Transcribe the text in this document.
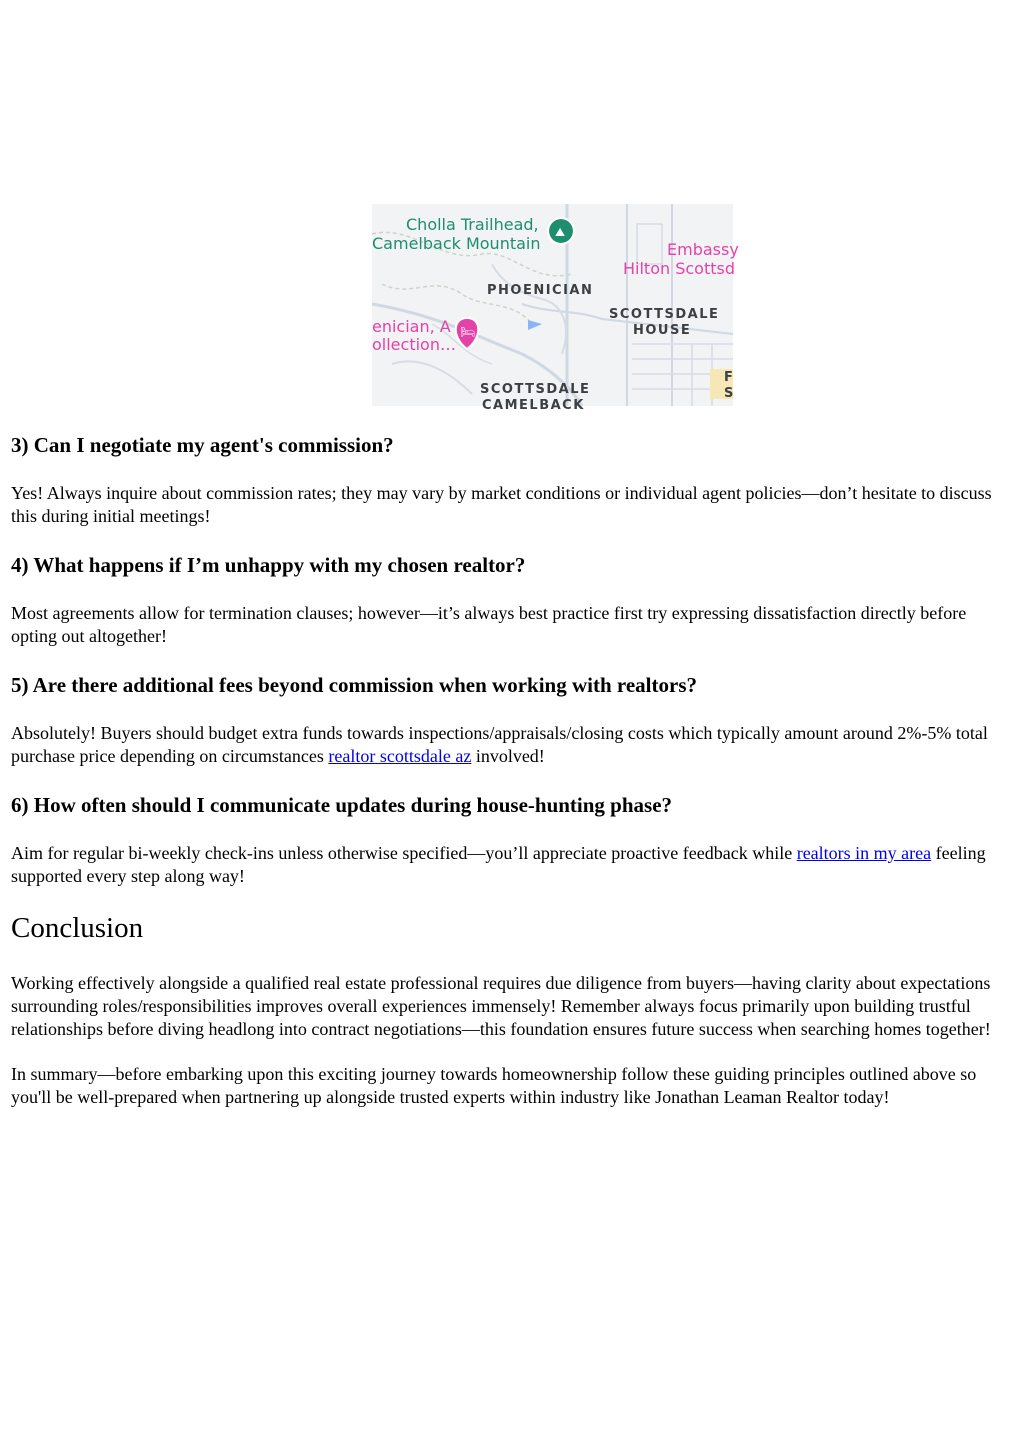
⛰
🛏
Cholla Trailhead,
Camelback Mountain	Embassy
Hilton Scottsd
PHOENICIAN
enician, A
ollection…
SCOTTSDALE
HOUSE
SCOTTSDALE
CAMELBACK
F
S
3) Can I negotiate my agent's commission?

Yes! Always inquire about commission rates; they may vary by market conditions or individual agent policies—don’t hesitate to discuss this during initial meetings!

4) What happens if I’m unhappy with my chosen realtor?

Most agreements allow for termination clauses; however—it’s always best practice first try expressing dissatisfaction directly before opting out altogether!

5) Are there additional fees beyond commission when working with realtors?

Absolutely! Buyers should budget extra funds towards inspections/appraisals/closing costs which typically amount around 2%-5% total purchase price depending on circumstances realtor scottsdale az involved!

6) How often should I communicate updates during house-hunting phase?

Aim for regular bi-weekly check-ins unless otherwise specified—you’ll appreciate proactive feedback while realtors in my area feeling supported every step along way!

Conclusion

Working effectively alongside a qualified real estate professional requires due diligence from buyers—having clarity about expectations surrounding roles/responsibilities improves overall experiences immensely! Remember always focus primarily upon building trustful relationships before diving headlong into contract negotiations—this foundation ensures future success when searching homes together!

In summary—before embarking upon this exciting journey towards homeownership follow these guiding principles outlined above so you'll be well-prepared when partnering up alongside trusted experts within industry like Jonathan Leaman Realtor today!
